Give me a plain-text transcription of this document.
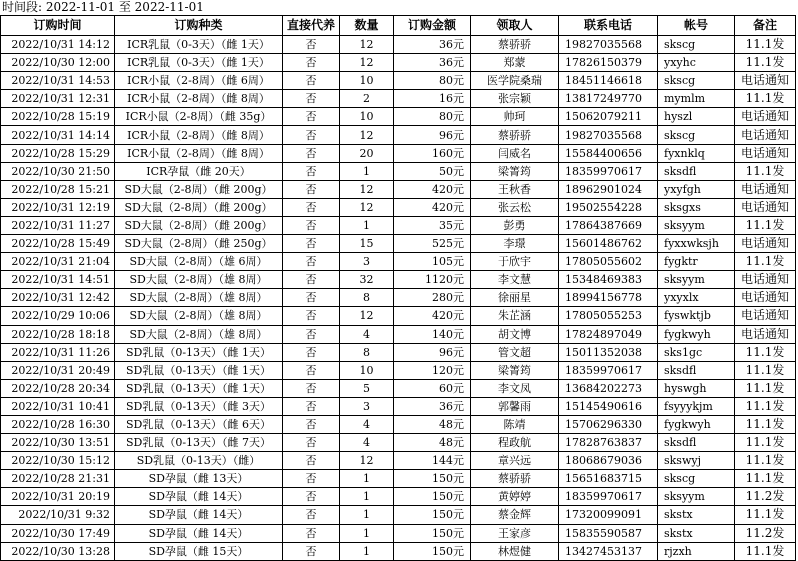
时间段: 2022-11-01 至 2022-11-01
订购时间	订购种类	直接代养	数量	订购金额	领取人	联系电话	帐号	备注
2022/10/31 14:12	ICR乳鼠（0-3天）（雌 1天）	否	12	36元	蔡骄骄	19827035568	skscg	11.1发
2022/10/30 12:00	ICR乳鼠（0-3天）（雌 1天）	否	12	36元	郑蒙	17826150379	yxyhc	11.1发
2022/10/31 14:53	ICR小鼠（2-8周）（雌 6周）	否	10	80元	医学院桑瑞	18451146618	skscg	电话通知
2022/10/31 12:31	ICR小鼠（2-8周）（雌 8周）	否	2	16元	张宗颖	13817249770	mymlm	11.1发
2022/10/28 15:19	ICR小鼠（2-8周）（雌 35g）	否	10	80元	帅珂	15062079211	hyszl	电话通知
2022/10/31 14:14	ICR小鼠（2-8周）（雌 8周）	否	12	96元	蔡骄骄	19827035568	skscg	电话通知
2022/10/28 15:29	ICR小鼠（2-8周）（雌 8周）	否	20	160元	闫威名	15584400656	fyxnklq	电话通知
2022/10/30 21:50	ICR孕鼠（雌 20天）	否	1	50元	梁箐筠	18359970617	sksdfl	11.1发
2022/10/28 15:21	SD大鼠（2-8周）（雌 200g）	否	12	420元	王秋香	18962901024	yxyfgh	电话通知
2022/10/31 12:19	SD大鼠（2-8周）（雌 200g）	否	12	420元	张云松	19502554228	sksgxs	电话通知
2022/10/31 11:27	SD大鼠（2-8周）（雌 200g）	否	1	35元	彭勇	17864387669	sksyym	11.1发
2022/10/28 15:49	SD大鼠（2-8周）（雌 250g）	否	15	525元	李璟	15601486762	fyxxwksjh	电话通知
2022/10/31 21:04	SD大鼠（2-8周）（雄 6周）	否	3	105元	于欣宇	17805055602	fygktr	11.1发
2022/10/31 14:51	SD大鼠（2-8周）（雄 8周）	否	32	1120元	李文慧	15348469383	sksyym	电话通知
2022/10/31 12:42	SD大鼠（2-8周）（雄 8周）	否	8	280元	徐丽星	18994156778	yxyxlx	电话通知
2022/10/29 10:06	SD大鼠（2-8周）（雄 8周）	否	12	420元	朱芷涵	17805055253	fyswktjb	电话通知
2022/10/28 18:18	SD大鼠（2-8周）（雄 8周）	否	4	140元	胡文博	17824897049	fygkwyh	电话通知
2022/10/31 11:26	SD乳鼠（0-13天）（雌 1天）	否	8	96元	管文超	15011352038	sks1gc	11.1发
2022/10/31 20:49	SD乳鼠（0-13天）（雌 1天）	否	10	120元	梁箐筠	18359970617	sksdfl	11.1发
2022/10/28 20:34	SD乳鼠（0-13天）（雌 1天）	否	5	60元	李文凤	13684202273	hyswgh	11.1发
2022/10/31 10:41	SD乳鼠（0-13天）（雌 3天）	否	3	36元	郭馨雨	15145490616	fsyyykjm	11.1发
2022/10/28 16:30	SD乳鼠（0-13天）（雌 6天）	否	4	48元	陈靖	15706296330	fygkwyh	11.1发
2022/10/30 13:51	SD乳鼠（0-13天）（雌 7天）	否	4	48元	程政航	17828763837	sksdfl	11.1发
2022/10/30 15:12	SD乳鼠（0-13天）（雌）	否	12	144元	章兴远	18068679036	skswyj	11.1发
2022/10/28 21:31	SD孕鼠（雌 13天）	否	1	150元	蔡骄骄	15651683715	skscg	11.1发
2022/10/31 20:19	SD孕鼠（雌 14天）	否	1	150元	黄婷婷	18359970617	sksyym	11.2发
2022/10/31 9:32	SD孕鼠（雌 14天）	否	1	150元	蔡金辉	17320099091	skstx	11.1发
2022/10/30 17:49	SD孕鼠（雌 14天）	否	1	150元	王家彦	15835590587	skstx	11.2发
2022/10/30 13:28	SD孕鼠（雌 15天）	否	1	150元	林煜健	13427453137	rjzxh	11.1发
